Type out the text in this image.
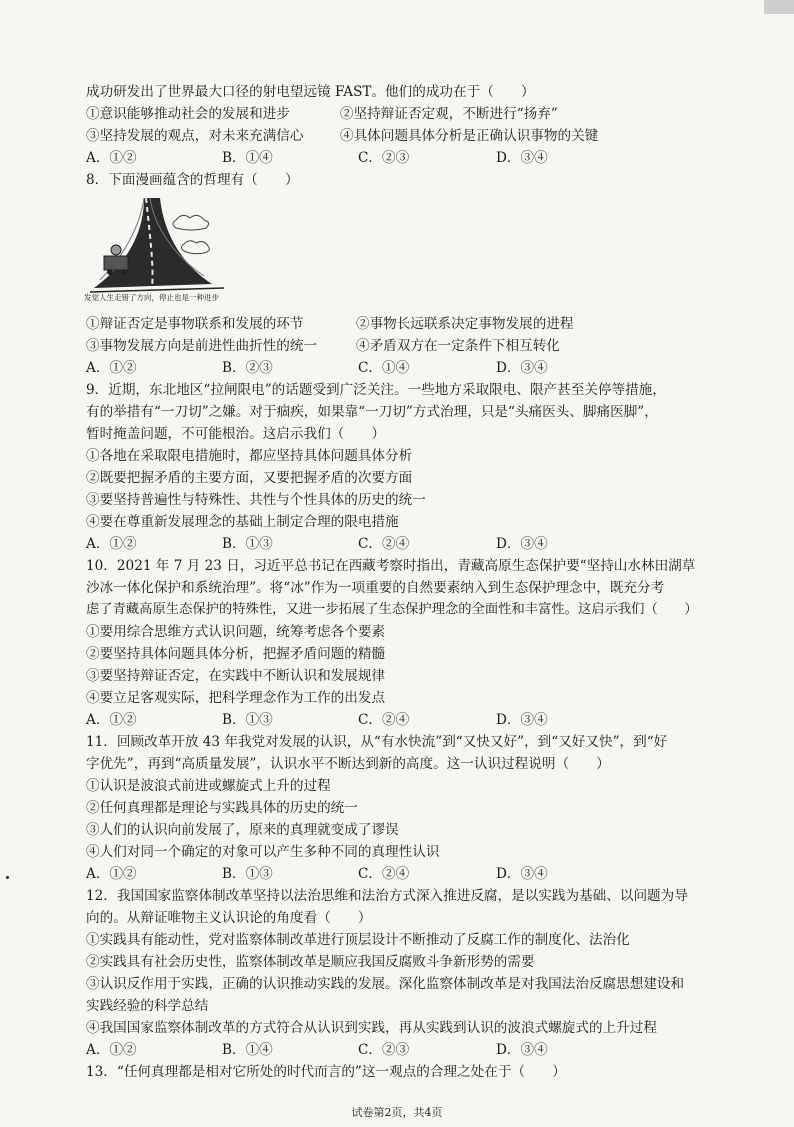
成功研发出了世界最大口径的射电望远镜 FAST。他们的成功在于（　　）
①意识能够推动社会的发展和进步	②坚持辩证否定观，不断进行“扬弃”
③坚持发展的观点，对未来充满信心	④具体问题具体分析是正确认识事物的关键
A．①②	B．①④	C．②③	D．③④
8．下面漫画蕴含的哲理有（　　）
发觉人生走错了方向，停止也是一种进步
①辩证否定是事物联系和发展的环节	②事物长远联系决定事物发展的进程
③事物发展方向是前进性曲折性的统一	④矛盾双方在一定条件下相互转化
A．①②	B．②③	C．①④	D．③④
9．近期，东北地区“拉闸限电”的话题受到广泛关注。一些地方采取限电、限产甚至关停等措施，
有的举措有“一刀切”之嫌。对于痼疾，如果靠“一刀切”方式治理，只是“头痛医头、脚痛医脚”，
暂时掩盖问题，不可能根治。这启示我们（　　）
①各地在采取限电措施时，都应坚持具体问题具体分析
②既要把握矛盾的主要方面，又要把握矛盾的次要方面
③要坚持普遍性与特殊性、共性与个性具体的历史的统一
④要在尊重新发展理念的基础上制定合理的限电措施
A．①②	B．①③	C．②④	D．③④
10．2021 年 7 月 23 日，习近平总书记在西藏考察时指出，青藏高原生态保护要“坚持山水林田湖草
沙冰一体化保护和系统治理”。将“冰”作为一项重要的自然要素纳入到生态保护理念中，既充分考
虑了青藏高原生态保护的特殊性，又进一步拓展了生态保护理念的全面性和丰富性。这启示我们（　　）
①要用综合思维方式认识问题，统筹考虑各个要素
②要坚持具体问题具体分析，把握矛盾问题的精髓
③要坚持辩证否定，在实践中不断认识和发展规律
④要立足客观实际，把科学理念作为工作的出发点
A．①②	B．①③	C．②④	D．③④
11．回顾改革开放 43 年我党对发展的认识，从“有水快流”到“又快又好”，到“又好又快”，到“好
字优先”，再到“高质量发展”，认识水平不断达到新的高度。这一认识过程说明（　　）
①认识是波浪式前进或螺旋式上升的过程
②任何真理都是理论与实践具体的历史的统一
③人们的认识向前发展了，原来的真理就变成了谬误
④人们对同一个确定的对象可以产生多种不同的真理性认识
A．①②	B．①③	C．②④	D．③④
12．我国国家监察体制改革坚持以法治思维和法治方式深入推进反腐，是以实践为基础、以问题为导
向的。从辩证唯物主义认识论的角度看（　　）
①实践具有能动性，党对监察体制改革进行顶层设计不断推动了反腐工作的制度化、法治化
②实践具有社会历史性，监察体制改革是顺应我国反腐败斗争新形势的需要
③认识反作用于实践，正确的认识推动实践的发展。深化监察体制改革是对我国法治反腐思想建设和
实践经验的科学总结
④我国国家监察体制改革的方式符合从认识到实践，再从实践到认识的波浪式螺旋式的上升过程
A．①②	B．①④	C．②③	D．③④
13．“任何真理都是相对它所处的时代而言的”这一观点的合理之处在于（　　）
试卷第2页，共4页
